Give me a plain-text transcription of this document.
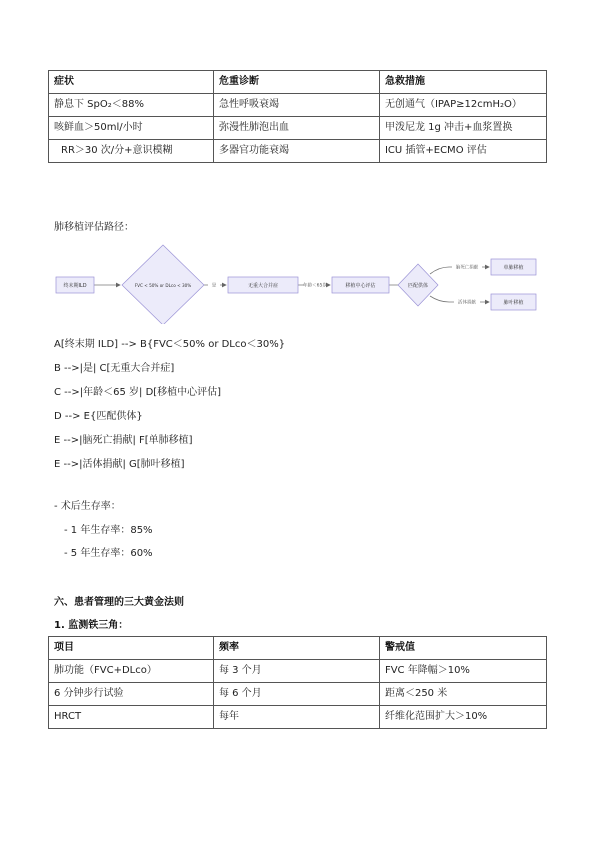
症状	危重诊断	急救措施
静息下 SpO₂＜88%	急性呼吸衰竭	无创通气（IPAP≥12cmH₂O）
咳鲜血＞50ml/小时	弥漫性肺泡出血	甲泼尼龙 1g 冲击+血浆置换
RR＞30 次/分+意识模糊	多器官功能衰竭	ICU 插管+ECMO 评估
肺移植评估路径：
是	年龄＜65岁
脑死亡捐献
活体捐献
终末期ILD	FVC < 50% or DLco < 30%	无重大合并症	移植中心评估	匹配供体
单肺移植
肺叶移植
A[终末期 ILD] --> B{FVC＜50% or DLco＜30%}
B -->|是| C[无重大合并症]
C -->|年龄＜65 岁| D[移植中心评估]
D --> E{匹配供体}
E -->|脑死亡捐献| F[单肺移植]
E -->|活体捐献| G[肺叶移植]
- 术后生存率：
- 1 年生存率：85%
- 5 年生存率：60%
六、患者管理的三大黄金法则
1. 监测铁三角：
项目	频率	警戒值
肺功能（FVC+DLco）	每 3 个月	FVC 年降幅＞10%
6 分钟步行试验	每 6 个月	距离＜250 米
HRCT	每年	纤维化范围扩大＞10%
